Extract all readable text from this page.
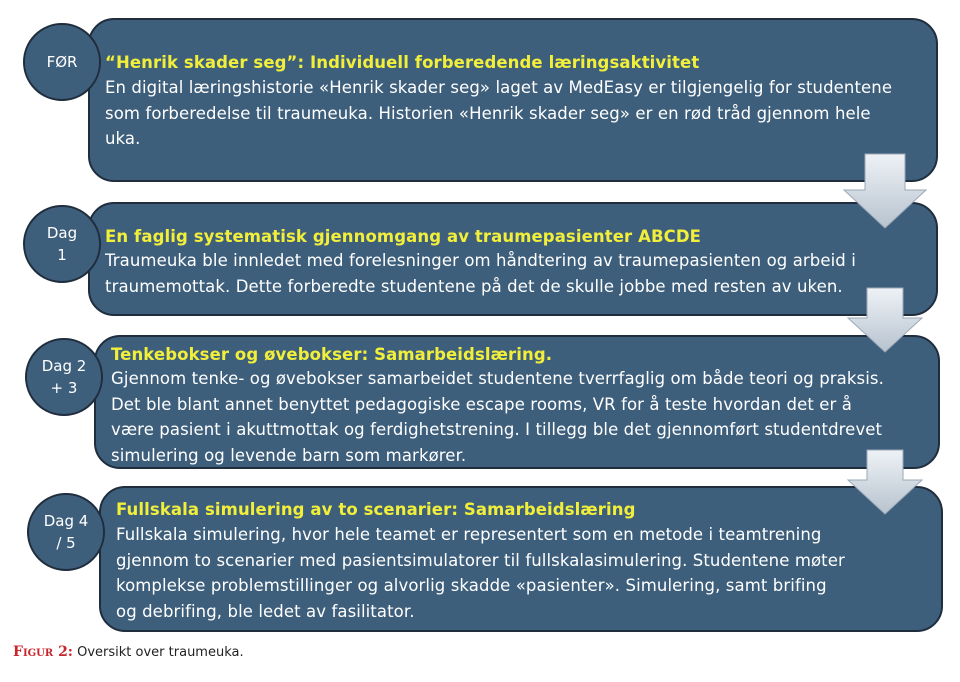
“Henrik skader seg”: Individuell forberedende læringsaktivitet
En digital læringshistorie «Henrik skader seg» laget av MedEasy er tilgjengelig for studentene
som forberedelse til traumeuka. Historien «Henrik skader seg» er en rød tråd gjennom hele
uka.
FØR
En faglig systematisk gjennomgang av traumepasienter ABCDE
Traumeuka ble innledet med forelesninger om håndtering av traumepasienten og arbeid i
traumemottak. Dette forberedte studentene på det de skulle jobbe med resten av uken.
Dag 1
Tenkebokser og øvebokser: Samarbeidslæring.
Gjennom tenke- og øvebokser samarbeidet studentene tverrfaglig om både teori og praksis.
Det ble blant annet benyttet pedagogiske escape rooms, VR for å teste hvordan det er å
være pasient i akuttmottak og ferdighetstrening. I tillegg ble det gjennomført studentdrevet
simulering og levende barn som markører.
Dag 2 + 3
Fullskala simulering av to scenarier: Samarbeidslæring
Fullskala simulering, hvor hele teamet er representert som en metode i teamtrening
gjennom to scenarier med pasientsimulatorer til fullskalasimulering. Studentene møter
komplekse problemstillinger og alvorlig skadde «pasienter». Simulering, samt brifing
og debrifing, ble ledet av fasilitator.
Dag 4 / 5
Figur 2: Oversikt over traumeuka.
